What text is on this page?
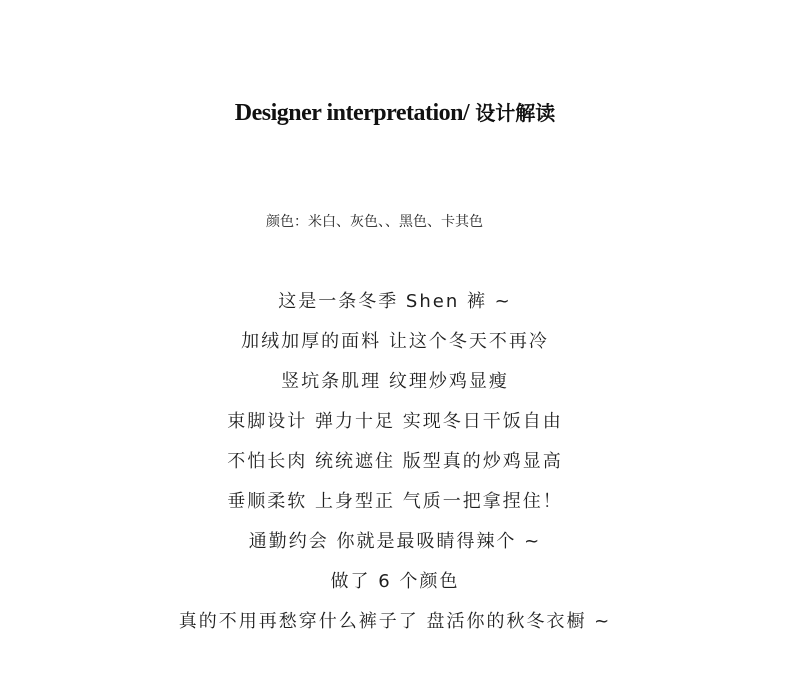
Designer interpretation/ 设计解读
颜色：米白、灰色、、黑色、卡其色
这是一条冬季 Shen 裤 ~
加绒加厚的面料 让这个冬天不再冷
竖坑条肌理 纹理炒鸡显瘦
束脚设计 弹力十足 实现冬日干饭自由
不怕长肉 统统遮住 版型真的炒鸡显高
垂顺柔软 上身型正 气质一把拿捏住！
通勤约会 你就是最吸睛得辣个 ~
做了 6 个颜色
真的不用再愁穿什么裤子了 盘活你的秋冬衣橱 ~
